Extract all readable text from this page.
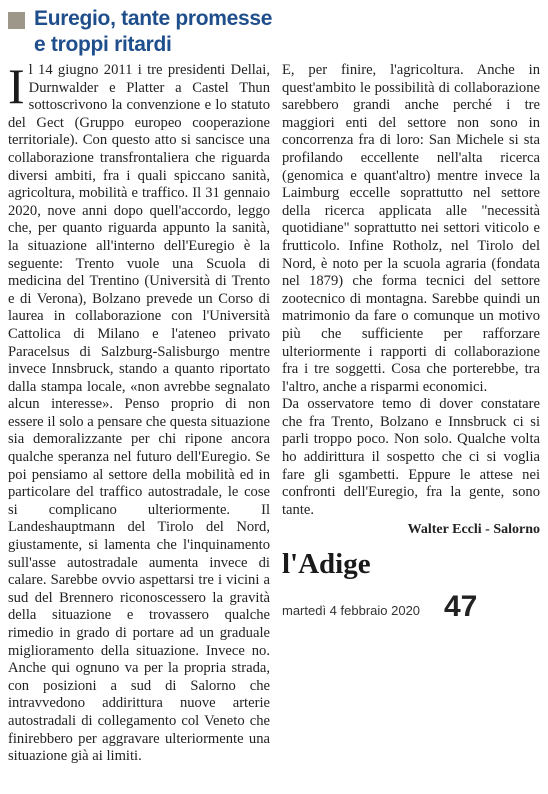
Euregio, tante promesse
e troppi ritardi

Il 14 giugno 2011 i tre presidenti Dellai, Durnwalder e Platter a Castel Thun sottoscrivono la convenzione e lo statuto del Gect (Gruppo europeo cooperazione territoriale). Con questo atto si sancisce una collaborazione transfrontaliera che riguarda diversi ambiti, fra i quali spiccano sanità, agricoltura, mobilità e traffico. Il 31 gennaio 2020, nove anni dopo quell'accordo, leggo che, per quanto riguarda appunto la sanità, la situazione all'interno dell'Euregio è la seguente: Trento vuole una Scuola di medicina del Trentino (Università di Trento e di Verona), Bolzano prevede un Corso di laurea in collaborazione con l'Università Cattolica di Milano e l'ateneo privato Paracelsus di Salzburg-Salisburgo mentre invece Innsbruck, stando a quanto riportato dalla stampa locale, «non avrebbe segnalato alcun interesse». Penso proprio di non essere il solo a pensare che questa situazione sia demoralizzante per chi ripone ancora qualche speranza nel futuro dell'Euregio. Se poi pensiamo al settore della mobilità ed in particolare del traffico autostradale, le cose si complicano ulteriormente. Il Landeshauptmann del Tirolo del Nord, giustamente, si lamenta che l'inquinamento sull'asse autostradale aumenta invece di calare. Sarebbe ovvio aspettarsi tre i vicini a sud del Brennero riconoscessero la gravità della situazione e trovassero qualche rimedio in grado di portare ad un graduale miglioramento della situazione. Invece no. Anche qui ognuno va per la propria strada, con posizioni a sud di Salorno che intravvedono addirittura nuove arterie autostradali di collegamento col Veneto che finirebbero per aggravare ulteriormente una situazione già ai limiti.

E, per finire, l'agricoltura. Anche in quest'ambito le possibilità di collaborazione sarebbero grandi anche perché i tre maggiori enti del settore non sono in concorrenza fra di loro: San Michele si sta profilando eccellente nell'alta ricerca (genomica e quant'altro) mentre invece la Laimburg eccelle soprattutto nel settore della ricerca applicata alle "necessità quotidiane" soprattutto nei settori viticolo e frutticolo. Infine Rotholz, nel Tirolo del Nord, è noto per la scuola agraria (fondata nel 1879) che forma tecnici del settore zootecnico di montagna. Sarebbe quindi un matrimonio da fare o comunque un motivo più che sufficiente per rafforzare ulteriormente i rapporti di collaborazione fra i tre soggetti. Cosa che porterebbe, tra l'altro, anche a risparmi economici.

Da osservatore temo di dover constatare che fra Trento, Bolzano e Innsbruck ci si parli troppo poco. Non solo. Qualche volta ho addirittura il sospetto che ci si voglia fare gli sgambetti. Eppure le attese nei confronti dell'Euregio, fra la gente, sono tante.

Walter Eccli - Salorno
l'Adige
martedì 4 febbraio 2020 47
